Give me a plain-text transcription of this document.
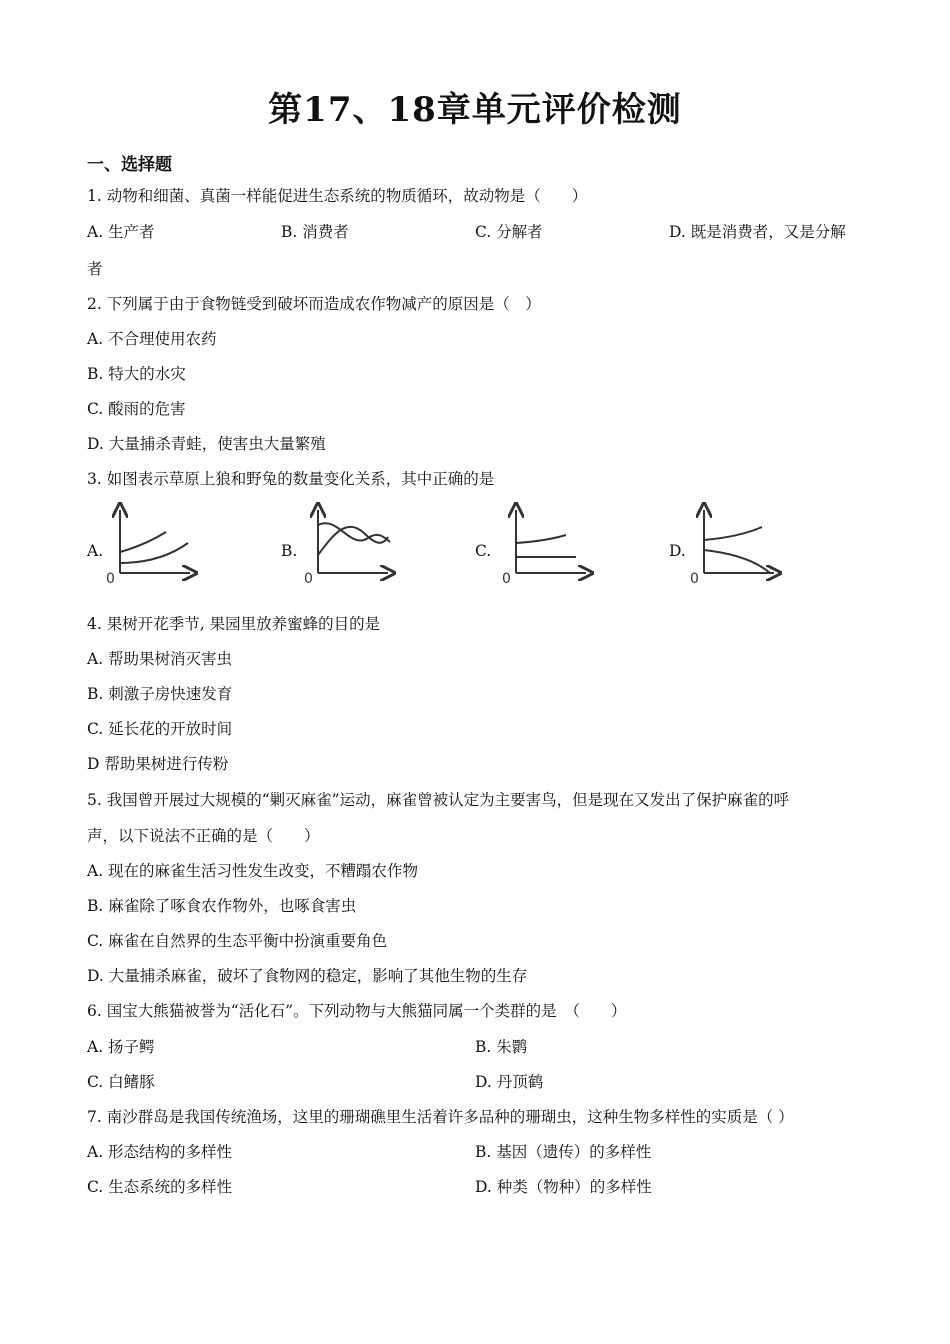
第17、18章单元评价检测
一、选择题
1. 动物和细菌、真菌一样能促进生态系统的物质循环，故动物是（　　）
A. 生产者	B. 消费者	C. 分解者	D. 既是消费者，又是分解
者
2. 下列属于由于食物链受到破坏而造成农作物减产的原因是（　）
A. 不合理使用农药
B. 特大的水灾
C. 酸雨的危害
D. 大量捕杀青蛙，使害虫大量繁殖
3. 如图表示草原上狼和野兔的数量变化关系，其中正确的是
A.
0
B.
0
C.
0
D.
0
4. 果树开花季节, 果园里放养蜜蜂的目的是
A. 帮助果树消灭害虫
B. 刺激子房快速发育
C. 延长花的开放时间
D 帮助果树进行传粉
5. 我国曾开展过大规模的“剿灭麻雀”运动，麻雀曾被认定为主要害鸟，但是现在又发出了保护麻雀的呼
声，以下说法不正确的是（　　）
A. 现在的麻雀生活习性发生改变，不糟蹋农作物
B. 麻雀除了啄食农作物外，也啄食害虫
C. 麻雀在自然界的生态平衡中扮演重要角色
D. 大量捕杀麻雀，破坏了食物网的稳定，影响了其他生物的生存
6. 国宝大熊猫被誉为“活化石”。下列动物与大熊猫同属一个类群的是　（　　）
A. 扬子鳄	B. 朱鹮
C. 白鳍豚	D. 丹顶鹤
7. 南沙群岛是我国传统渔场，这里的珊瑚礁里生活着许多品种的珊瑚虫，这种生物多样性的实质是（ ）
A. 形态结构的多样性	B. 基因（遗传）的多样性
C. 生态系统的多样性	D. 种类（物种）的多样性
